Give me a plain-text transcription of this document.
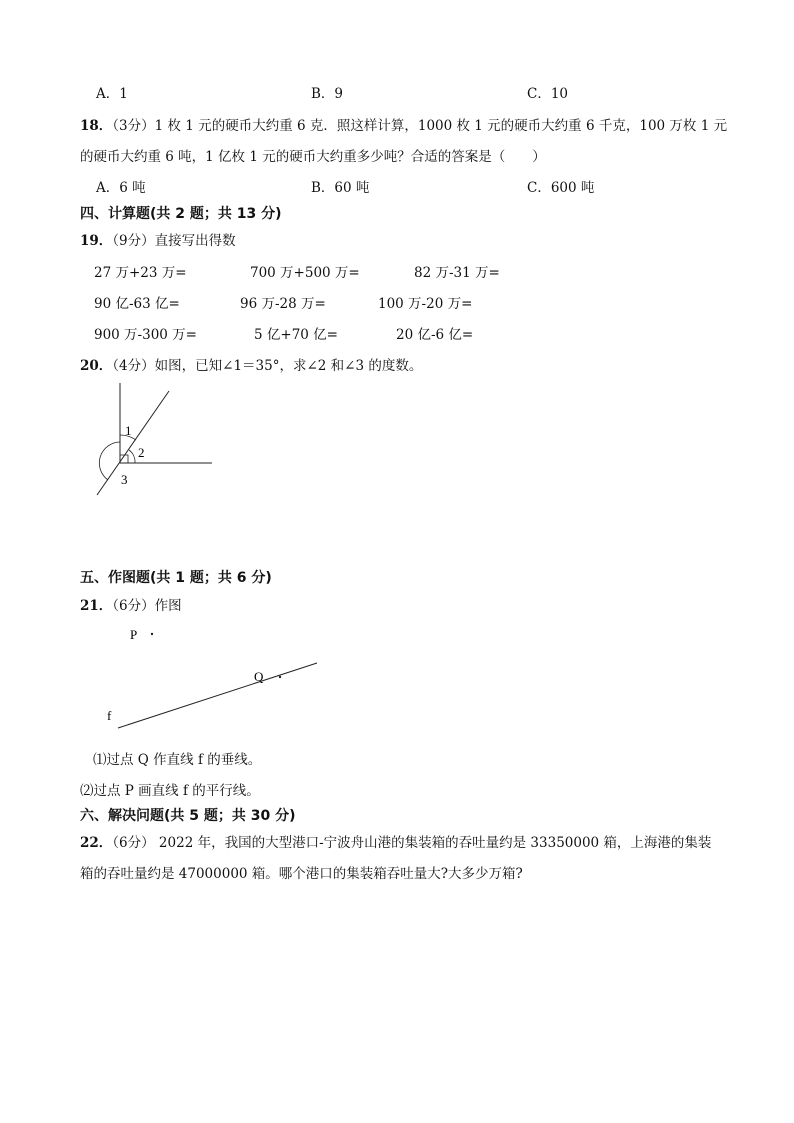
A．1	B．9	C．10
18．（3分）1 枚 1 元的硬币大约重 6 克．照这样计算，1000 枚 1 元的硬币大约重 6 千克，100 万枚 1 元
的硬币大约重 6 吨，1 亿枚 1 元的硬币大约重多少吨？合适的答案是（　　）
A．6 吨	B．60 吨	C．600 吨
四、计算题(共 2 题；共 13 分)
19．（9分）直接写出得数
27 万+23 万=	700 万+500 万=	82 万-31 万=
90 亿-63 亿=	96 万-28 万=	100 万-20 万=
900 万-300 万=	5 亿+70 亿=	20 亿-6 亿=
20．（4分）如图，已知∠1＝35°，求∠2 和∠3 的度数。
1
2
3
五、作图题(共 1 题；共 6 分)
21．（6分）作图
P
Q
f
⑴过点 Q 作直线 f 的垂线。
⑵过点 P 画直线 f 的平行线。
六、解决问题(共 5 题；共 30 分)
22．（6分） 2022 年，我国的大型港口-宁波舟山港的集装箱的吞吐量约是 33350000 箱，上海港的集装
箱的吞吐量约是 47000000 箱。哪个港口的集装箱吞吐量大?大多少万箱?
